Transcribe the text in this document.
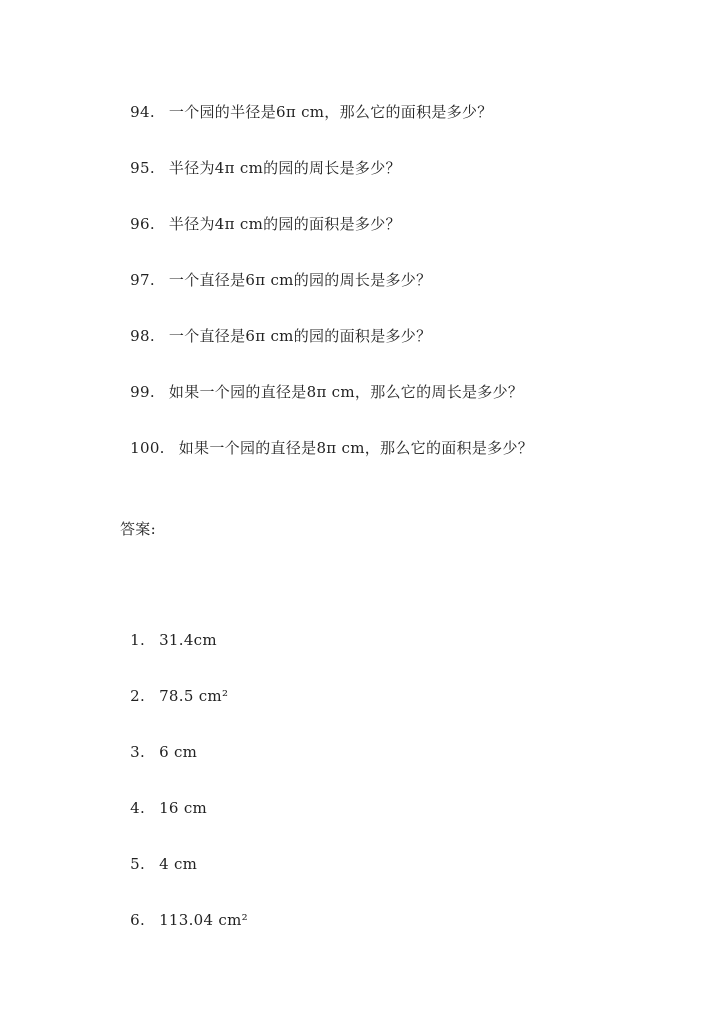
94. 一个园的半径是6π cm，那么它的面积是多少？

95. 半径为4π cm的园的周长是多少？

96. 半径为4π cm的园的面积是多少？

97. 一个直径是6π cm的园的周长是多少？

98. 一个直径是6π cm的园的面积是多少？

99. 如果一个园的直径是8π cm，那么它的周长是多少？

100. 如果一个园的直径是8π cm，那么它的面积是多少？

答案:

1. 31.4cm

2. 78.5 cm²

3. 6 cm

4. 16 cm

5. 4 cm

6. 113.04 cm²
